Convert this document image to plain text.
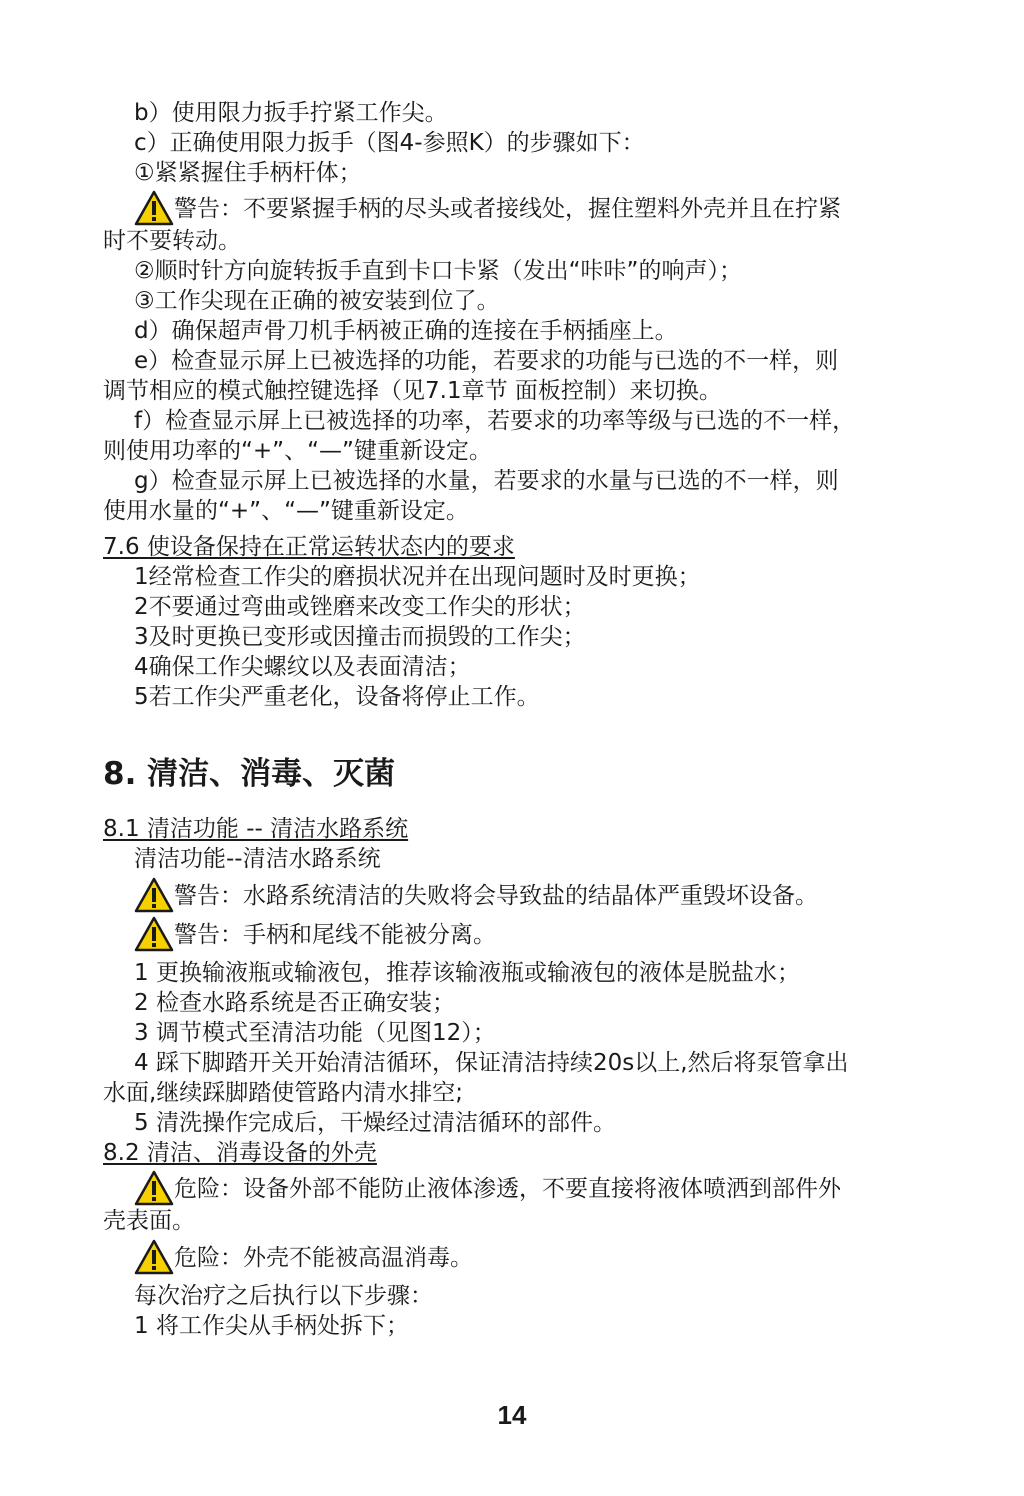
b）使用限力扳手拧紧工作尖。

c）正确使用限力扳手（图4-参照K）的步骤如下：

①紧紧握住手柄杆体；

警告：不要紧握手柄的尽头或者接线处，握住塑料外壳并且在拧紧

时不要转动。

②顺时针方向旋转扳手直到卡口卡紧（发出“咔咔”的响声）；

③工作尖现在正确的被安装到位了。

d）确保超声骨刀机手柄被正确的连接在手柄插座上。

e）检查显示屏上已被选择的功能，若要求的功能与已选的不一样，则

调节相应的模式触控键选择（见7.1章节 面板控制）来切换。

f）检查显示屏上已被选择的功率，若要求的功率等级与已选的不一样，

则使用功率的“+”、“—”键重新设定。

g）检查显示屏上已被选择的水量，若要求的水量与已选的不一样，则

使用水量的“+”、“—”键重新设定。

7.6 使设备保持在正常运转状态内的要求

1经常检查工作尖的磨损状况并在出现问题时及时更换；

2不要通过弯曲或锉磨来改变工作尖的形状；

3及时更换已变形或因撞击而损毁的工作尖；

4确保工作尖螺纹以及表面清洁；

5若工作尖严重老化，设备将停止工作。

8. 清洁、消毒、灭菌

8.1 清洁功能 -- 清洁水路系统

清洁功能--清洁水路系统

警告：水路系统清洁的失败将会导致盐的结晶体严重毁坏设备。
警告：手柄和尾线不能被分离。

1 更换输液瓶或输液包，推荐该输液瓶或输液包的液体是脱盐水；

2 检查水路系统是否正确安装；

3 调节模式至清洁功能（见图12）；

4 踩下脚踏开关开始清洁循环，保证清洁持续20s以上,然后将泵管拿出

水面,继续踩脚踏使管路内清水排空;

5 清洗操作完成后，干燥经过清洁循环的部件。

8.2 清洁、消毒设备的外壳

危险：设备外部不能防止液体渗透，不要直接将液体喷洒到部件外

壳表面。

危险：外壳不能被高温消毒。

每次治疗之后执行以下步骤：

1 将工作尖从手柄处拆下；

14
